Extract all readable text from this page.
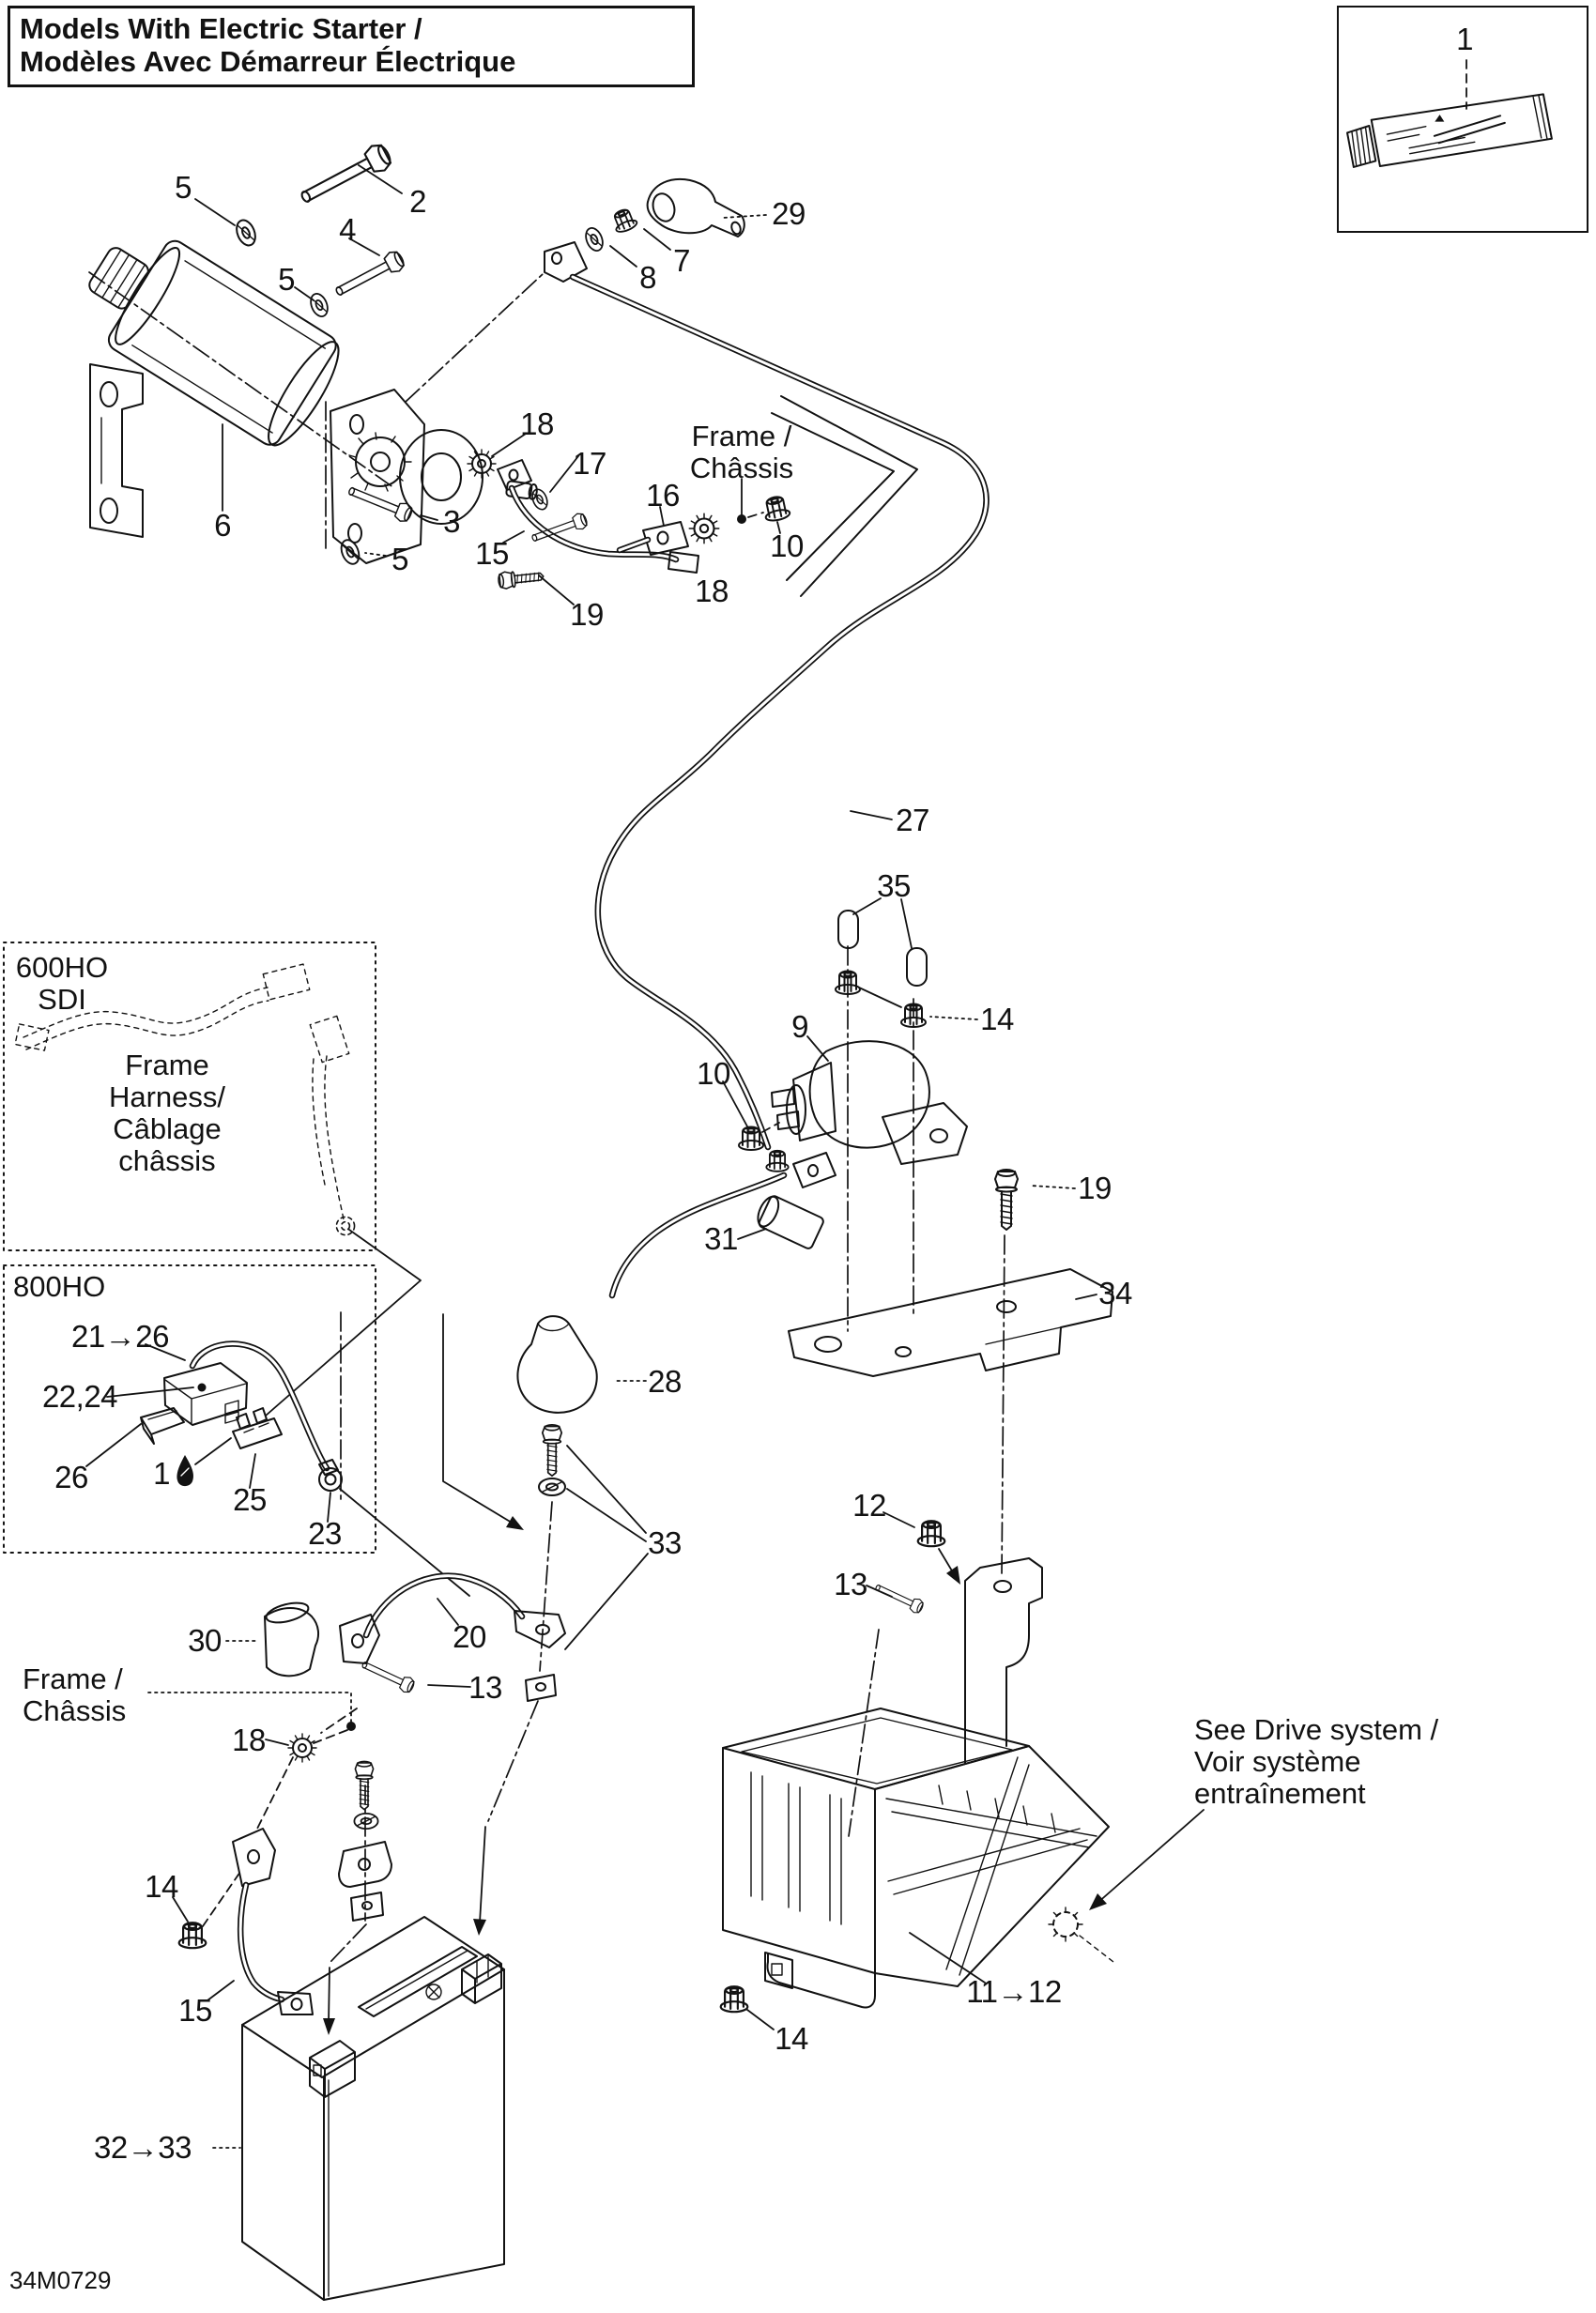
Models With Electric Starter /
Modèles Avec Démarreur Électrique
1
5	2
4
5
29
7
8
18
17
16
6	3
5 15	10
18
19
27
35
14
9
10
19
31
34
21→26
22,24
26 1
25
23
28
33
30	20
13
18
12
13
14
15
32→33
11→12
14
Frame /
Châssis
600HO
SDI
Frame
Harness/
Câblage
châssis
800HO
Frame /
Châssis
See Drive system /
Voir système
entraînement
34M0729
